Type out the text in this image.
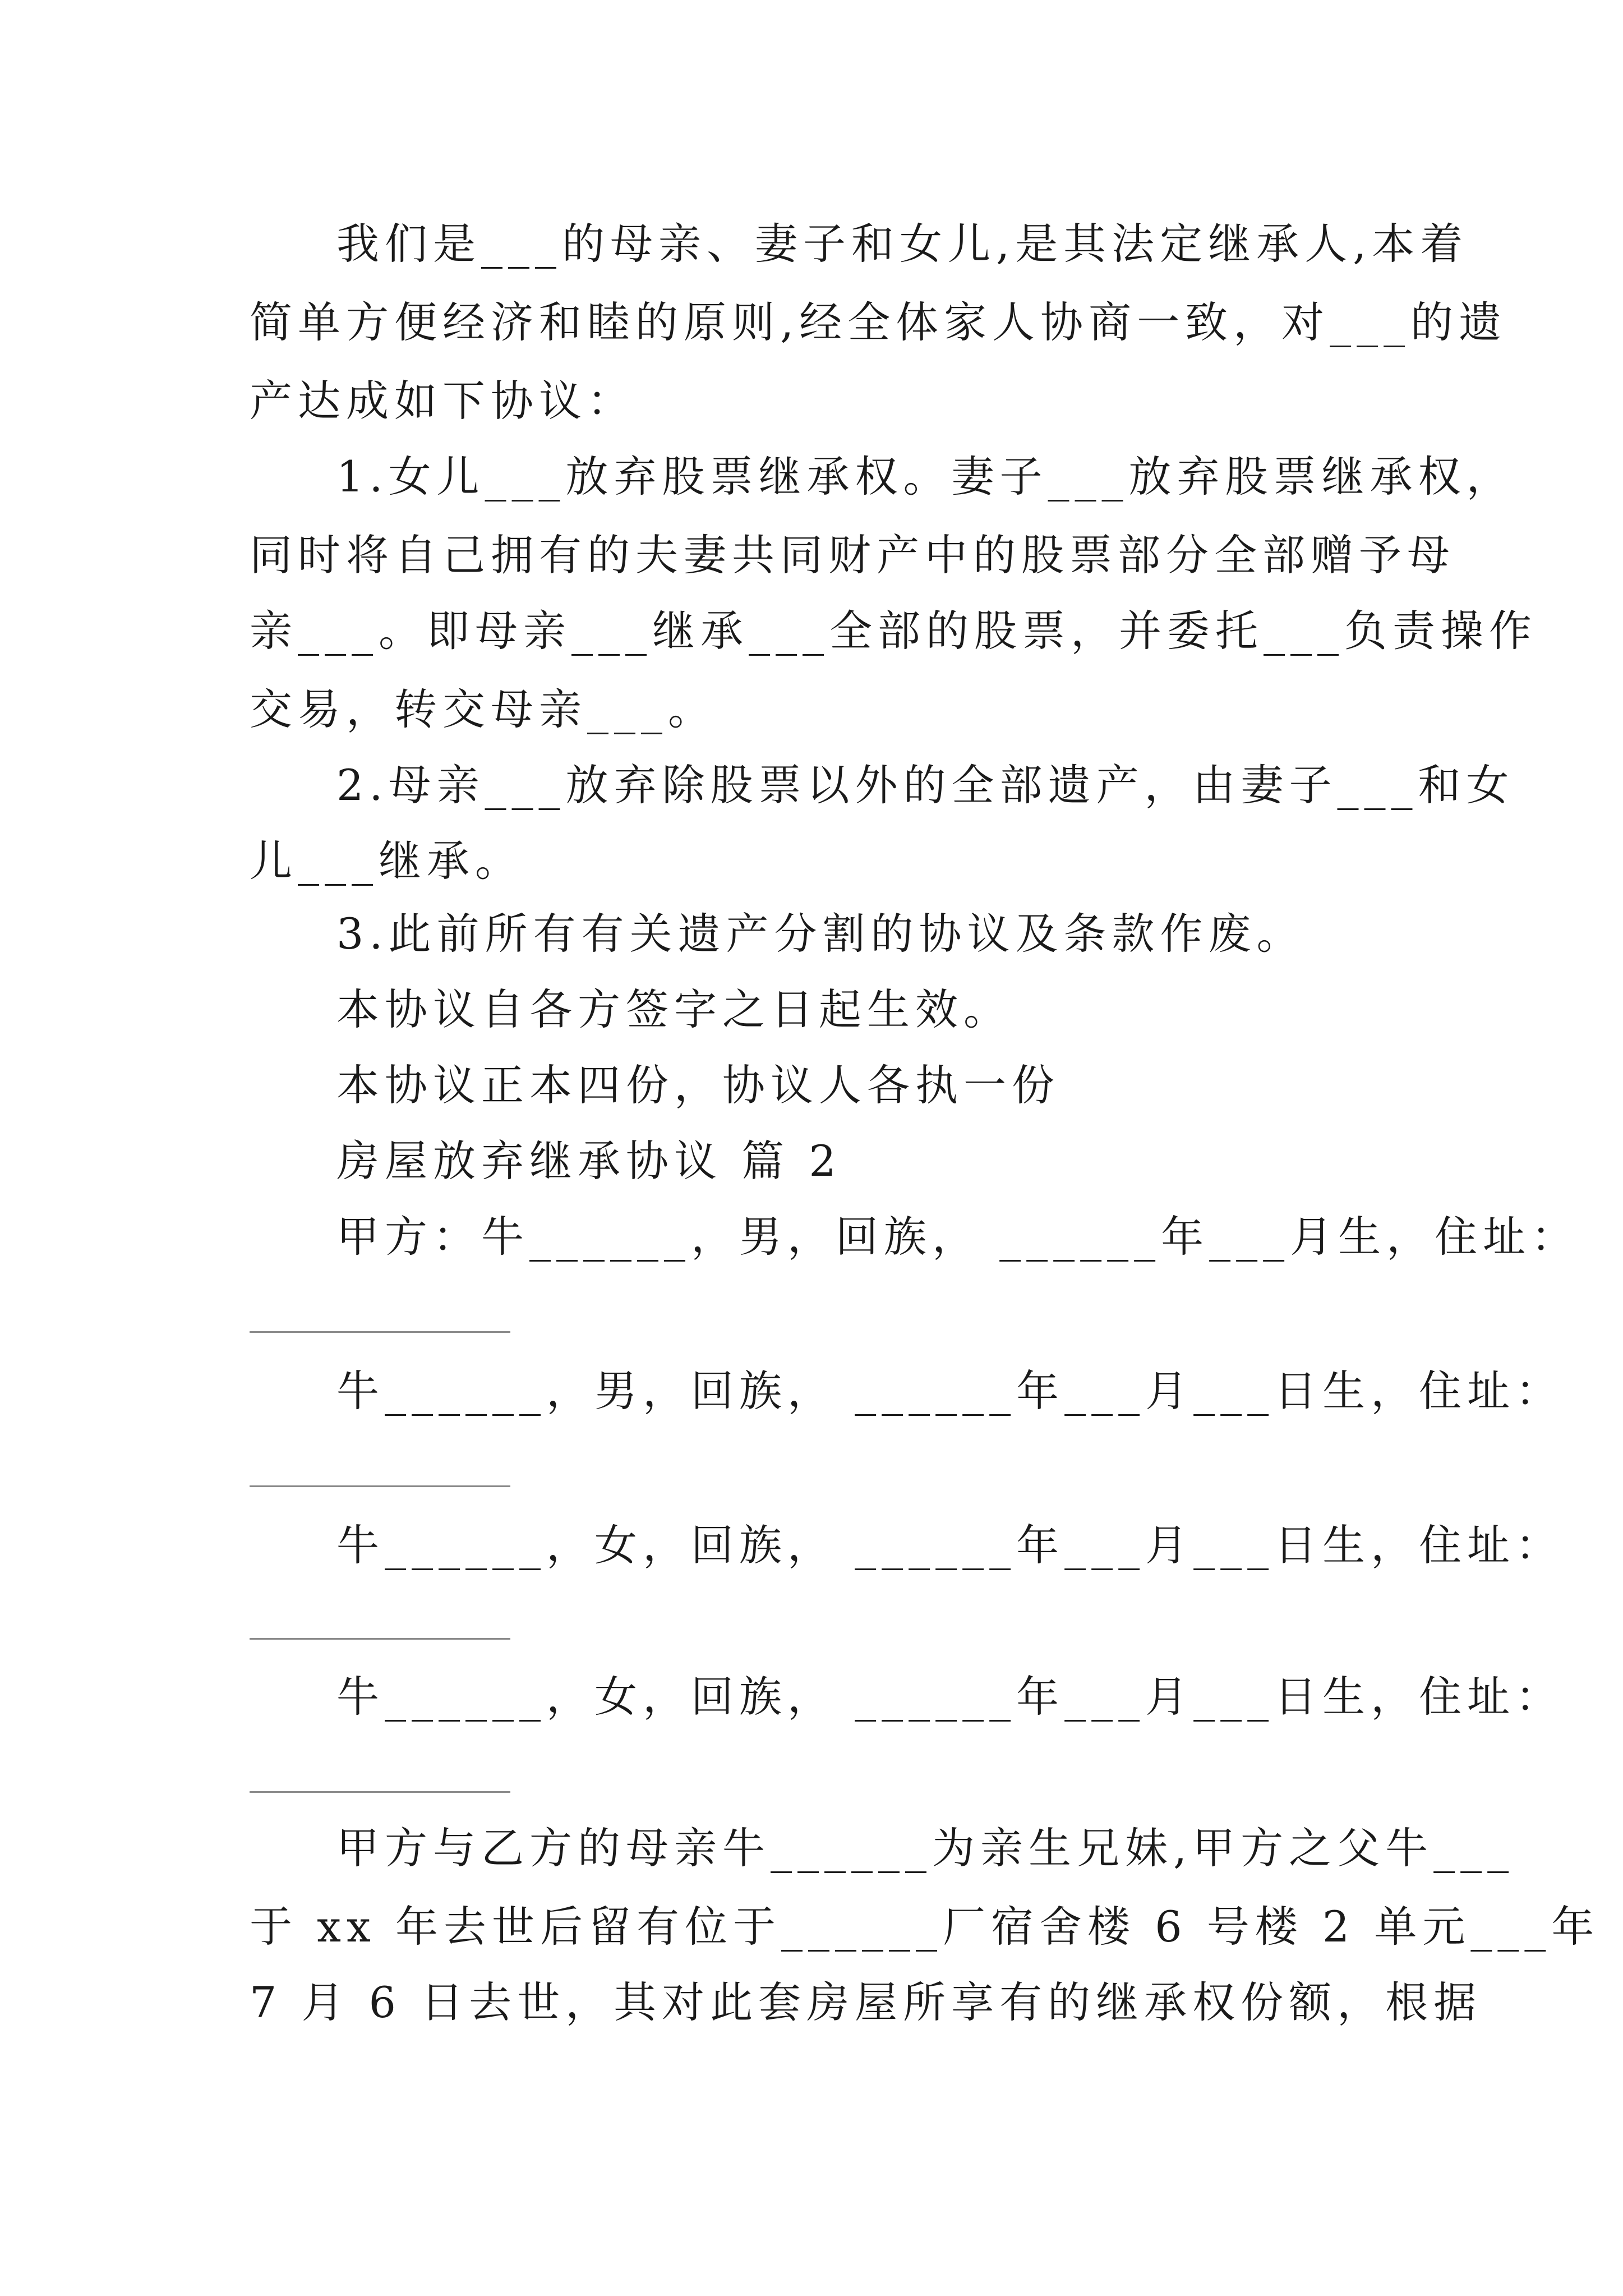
我们是___的母亲、妻子和女儿,是其法定继承人,本着
简单方便经济和睦的原则,经全体家人协商一致，对___的遗
产达成如下协议：
1.女儿___放弃股票继承权。妻子___放弃股票继承权，
同时将自己拥有的夫妻共同财产中的股票部分全部赠予母
亲___。即母亲___继承___全部的股票，并委托___负责操作
交易，转交母亲___。
2.母亲___放弃除股票以外的全部遗产，由妻子___和女
儿___继承。
3.此前所有有关遗产分割的协议及条款作废。
本协议自各方签字之日起生效。
本协议正本四份，协议人各执一份
房屋放弃继承协议 篇 2
甲方：牛______，男，回族， ______年___月生，住址：
牛______，男，回族， ______年___月___日生，住址：
牛______，女，回族， ______年___月___日生，住址：
牛______，女，回族， ______年___月___日生，住址：
甲方与乙方的母亲牛______为亲生兄妹,甲方之父牛___
于 xx 年去世后留有位于______厂宿舍楼 6 号楼 2 单元___年
7 月 6 日去世，其对此套房屋所享有的继承权份额，根据
